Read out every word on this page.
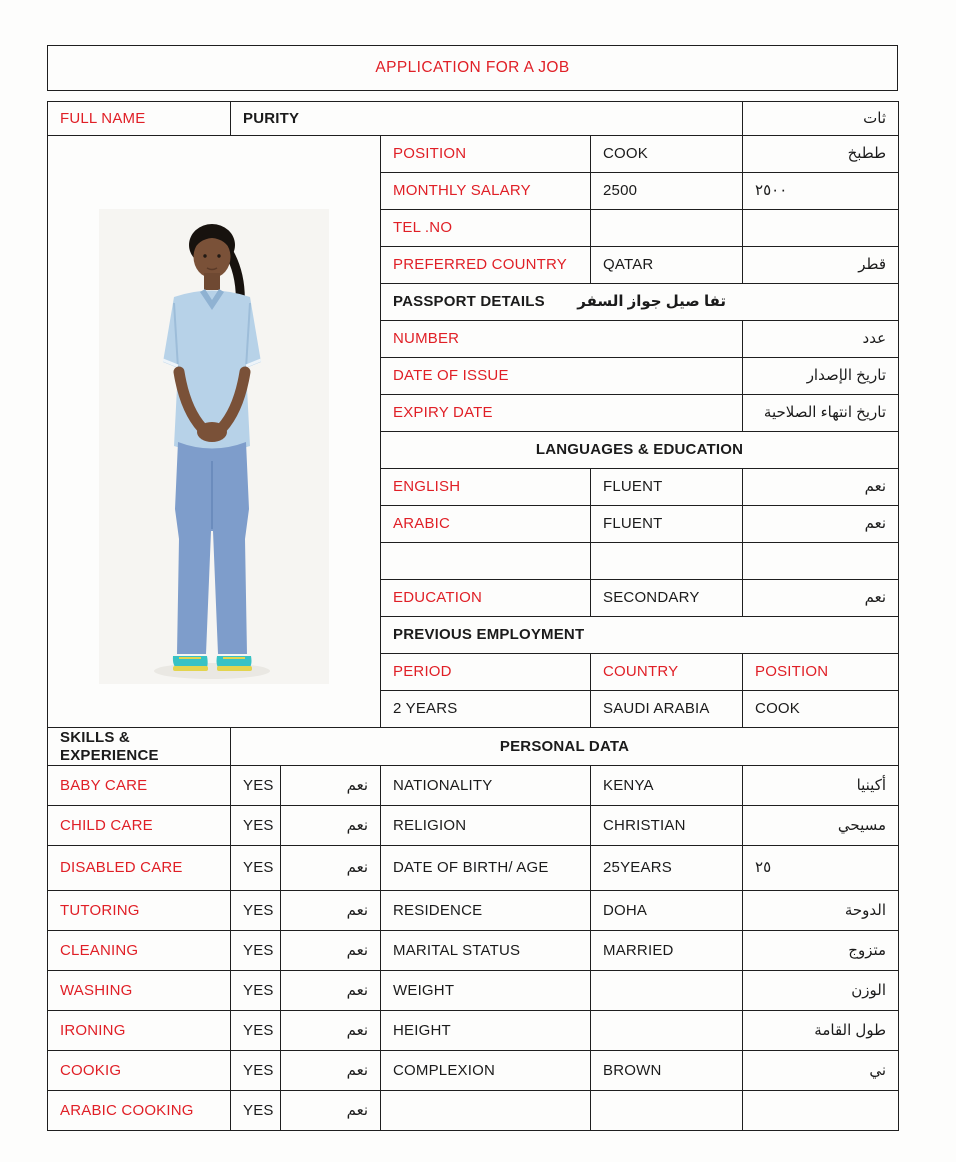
APPLICATION FOR A JOB
FULL NAME	PURITY				ثات

	POSITION	COOK	ططبخ
			MONTHLY SALARY	2500	٢٥٠٠
			TEL .NO		
			PREFERRED COUNTRY	QATAR	قطر

			PASSPORT DETAILS تفا صيل جواز السفر		

			NUMBER		عدد
			DATE OF ISSUE		تاريخ الإصدار
			EXPIRY DATE		تاريخ انتهاء الصلاحية
			LANGUAGES & EDUCATION		
			ENGLISH	FLUENT	نعم
			ARABIC	FLUENT	نعم

			EDUCATION	SECONDARY	نعم
			PREVIOUS EMPLOYMENT		
			PERIOD	COUNTRY	POSITION
			2 YEARS	SAUDI ARABIA	COOK
SKILLS & EXPERIENCE	PERSONAL DATA				
BABY CARE	YES	نعم	NATIONALITY	KENYA	أكينيا
CHILD CARE	YES	نعم	RELIGION	CHRISTIAN	مسيحي
DISABLED CARE	YES	نعم	DATE OF BIRTH/ AGE	25YEARS	٢٥
TUTORING	YES	نعم	RESIDENCE	DOHA	الدوحة
CLEANING	YES	نعم	MARITAL STATUS	MARRIED	متزوج
WASHING	YES	نعم	WEIGHT		الوزن
IRONING	YES	نعم	HEIGHT		طول القامة
COOKIG	YES	نعم	COMPLEXION	BROWN	ني
ARABIC COOKING	YES	نعم			
